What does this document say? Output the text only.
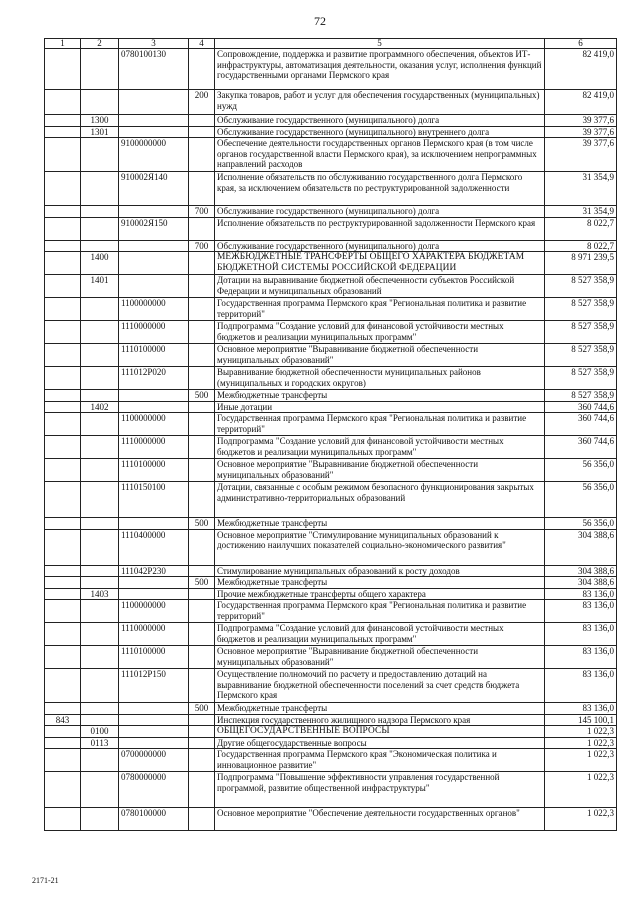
72
1	2	3	4	5	6
		0780100130		Сопровождение, поддержка и развитие программного обеспечения, объектов ИТ-инфраструктуры, автоматизация деятельности, оказания услуг, исполнения функций государственными органами Пермского края	82 419,0
			200	Закупка товаров, работ и услуг для обеспечения государственных (муниципальных) нужд	82 419,0
	1300			Обслуживание государственного (муниципального) долга	39 377,6
	1301			Обслуживание государственного (муниципального) внутреннего долга	39 377,6
		9100000000		Обеспечение деятельности государственных органов Пермского края (в том числе органов государственной власти Пермского края), за исключением непрограммных направлений расходов	39 377,6
		910002Я140		Исполнение обязательств по обслуживанию государственного долга Пермского края, за исключением обязательств по реструктурированной задолженности	31 354,9
			700	Обслуживание государственного (муниципального) долга	31 354,9
		910002Я150		Исполнение обязательств по реструктурированной задолженности Пермского края	8 022,7
			700	Обслуживание государственного (муниципального) долга	8 022,7
	1400			МЕЖБЮДЖЕТНЫЕ ТРАНСФЕРТЫ ОБЩЕГО ХАРАКТЕРА БЮДЖЕТАМ БЮДЖЕТНОЙ СИСТЕМЫ РОССИЙСКОЙ ФЕДЕРАЦИИ	8 971 239,5
	1401			Дотации на выравнивание бюджетной обеспеченности субъектов Российской Федерации и муниципальных образований	8 527 358,9
		1100000000		Государственная программа Пермского края "Региональная политика и развитие территорий"	8 527 358,9
		1110000000		Подпрограмма "Создание условий для финансовой устойчивости местных бюджетов и реализации муниципальных программ"	8 527 358,9
		1110100000		Основное мероприятие "Выравнивание бюджетной обеспеченности муниципальных образований"	8 527 358,9
		111012Р020		Выравнивание бюджетной обеспеченности муниципальных районов (муниципальных и городских округов)	8 527 358,9
			500	Межбюджетные трансферты	8 527 358,9
	1402			Иные дотации	360 744,6
		1100000000		Государственная программа Пермского края "Региональная политика и развитие территорий"	360 744,6
		1110000000		Подпрограмма "Создание условий для финансовой устойчивости местных бюджетов и реализации муниципальных программ"	360 744,6
		1110100000		Основное мероприятие "Выравнивание бюджетной обеспеченности муниципальных образований"	56 356,0
		1110150100		Дотации, связанные с особым режимом безопасного функционирования закрытых административно-территориальных образований	56 356,0
			500	Межбюджетные трансферты	56 356,0
		1110400000		Основное мероприятие "Стимулирование муниципальных образований к достижению наилучших показателей социально-экономического развития"	304 388,6
		111042Р230		Стимулирование муниципальных образований к росту доходов	304 388,6
			500	Межбюджетные трансферты	304 388,6
	1403			Прочие межбюджетные трансферты общего характера	83 136,0
		1100000000		Государственная программа Пермского края "Региональная политика и развитие территорий"	83 136,0
		1110000000		Подпрограмма "Создание условий для финансовой устойчивости местных бюджетов и реализации муниципальных программ"	83 136,0
		1110100000		Основное мероприятие "Выравнивание бюджетной обеспеченности муниципальных образований"	83 136,0
		111012Р150		Осуществление полномочий по расчету и предоставлению дотаций на выравнивание бюджетной обеспеченности поселений за счет средств бюджета Пермского края	83 136,0
			500	Межбюджетные трансферты	83 136,0
843				Инспекция государственного жилищного надзора Пермского края	145 100,1
	0100			ОБЩЕГОСУДАРСТВЕННЫЕ ВОПРОСЫ	1 022,3
	0113			Другие общегосударственные вопросы	1 022,3
		0700000000		Государственная программа Пермского края "Экономическая политика и инновационное развитие"	1 022,3
		0780000000		Подпрограмма "Повышение эффективности управления государственной программой, развитие общественной инфраструктуры"	1 022,3
		0780100000		Основное мероприятие "Обеспечение деятельности государственных органов"	1 022,3
2171-21
